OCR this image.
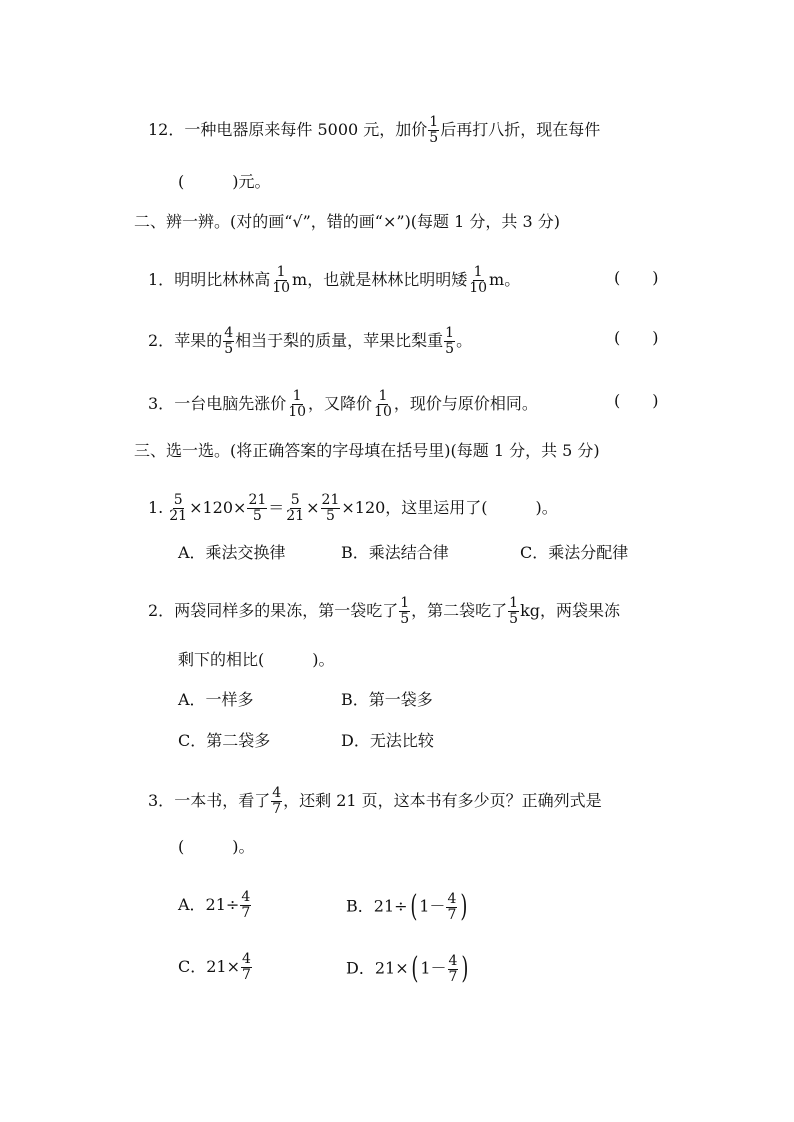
12．一种电器原来每件 5000 元，加价 $\frac{1}{5}$ 后再打八折，现在每件
(　　　)元。
二、辨一辨。(对的画“√”，错的画“×”)(每题 1 分，共 3 分)
1．明明比林林高 $\frac{1}{10}$ m，也就是林林比明明矮 $\frac{1}{10}$ m。	(　　)
2．苹果的 $\frac{4}{5}$ 相当于梨的质量，苹果比梨重 $\frac{1}{5}$ 。	(　　)
3．一台电脑先涨价 $\frac{1}{10}$ ，又降价 $\frac{1}{10}$ ，现价与原价相同。	(　　)
三、选一选。(将正确答案的字母填在括号里)(每题 1 分，共 5 分)
1. $\frac{5}{21} \times 120\times \frac{21}{5} = \frac{5}{21} \times \frac{21}{5} \times 120$，这里运用了(　　　)。
A．乘法交换律	B．乘法结合律	C．乘法分配律
2．两袋同样多的果冻，第一袋吃了 $\frac{1}{5}$ ，第二袋吃了 $\frac{1}{5}$ kg，两袋果冻
剩下的相比(　　　)。
A．一样多	B．第一袋多
C．第二袋多	D．无法比较
3．一本书，看了 $\frac{4}{7}$ ，还剩 21 页，这本书有多少页？正确列式是
(　　　)。
A．$21\div \frac{4}{7}$	B．21÷( $1- \frac{4}{7}$ )
C．$21\times \frac{4}{7}$	D．21×( $1- \frac{4}{7}$ )
